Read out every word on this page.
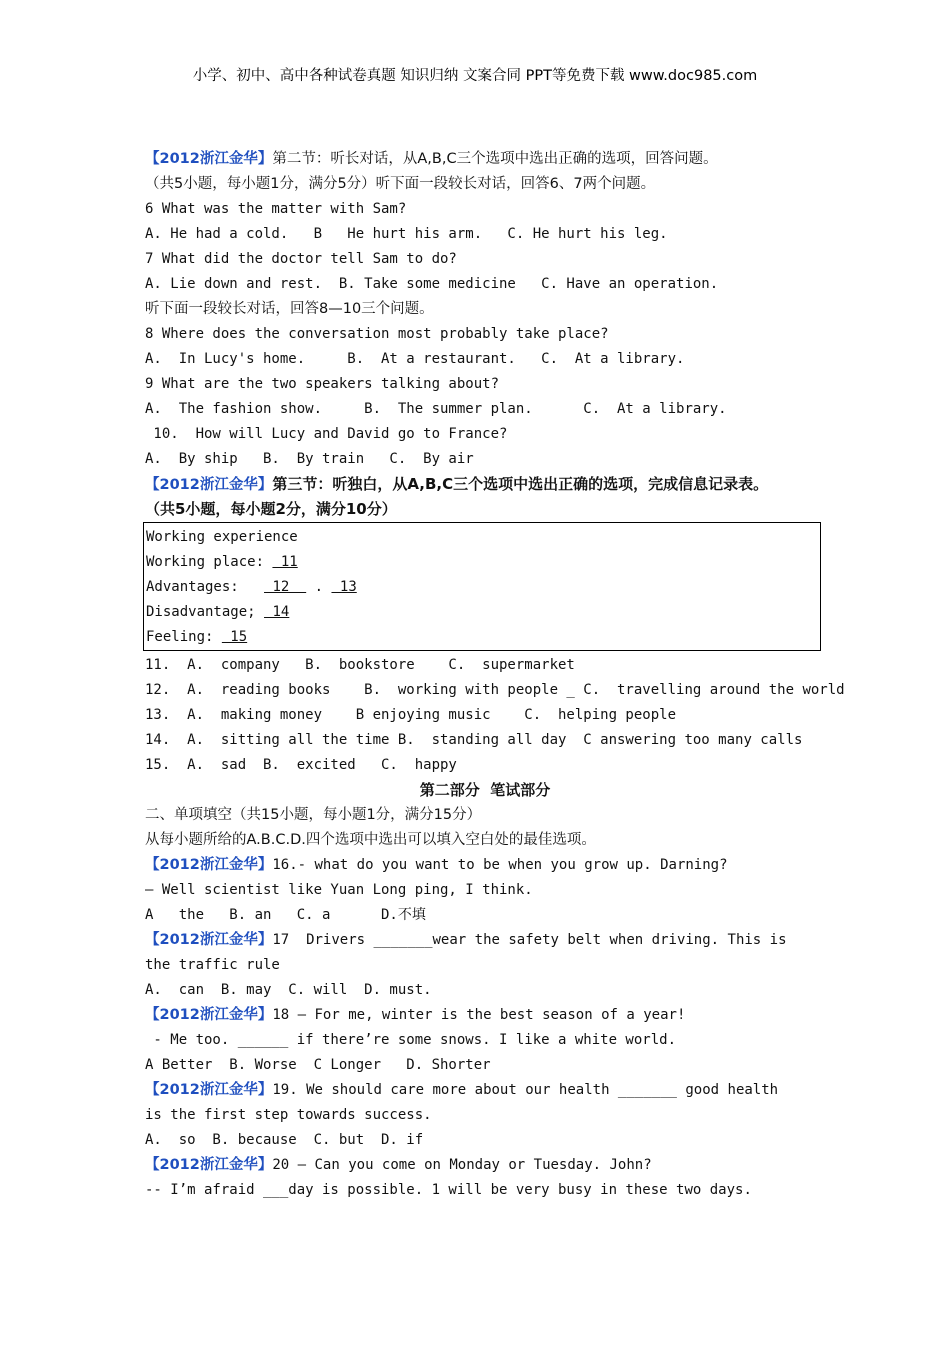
小学、初中、高中各种试卷真题 知识归纳 文案合同 PPT等免费下载 www.doc985.com
【2012浙江金华】第二节：听长对话，从A,B,C三个选项中选出正确的选项，回答问题。
（共5小题，每小题1分，满分5分）听下面一段较长对话，回答6、7两个问题。
6 What was the matter with Sam?
A. He had a cold.   B   He hurt his arm.   C. He hurt his leg.
7 What did the doctor tell Sam to do?
A. Lie down and rest.  B. Take some medicine   C. Have an operation.
听下面一段较长对话，回答8—10三个问题。
8 Where does the conversation most probably take place?
A.  In Lucy's home.     B.  At a restaurant.   C.  At a library.
9 What are the two speakers talking about?
A.  The fashion show.     B.  The summer plan.      C.  At a library.
10.  How will Lucy and David go to France?
A.  By ship   B.  By train   C.  By air
【2012浙江金华】第三节：听独白，从A,B,C三个选项中选出正确的选项，完成信息记录表。
（共5小题，每小题2分，满分10分）
Working experience
Working place:  11
Advantages:    12   .  13
Disadvantage;  14
Feeling:  15
11.  A.  company   B.  bookstore    C.  supermarket
12.  A.  reading books    B.  working with people _ C.  travelling around the world
13.  A.  making money    B enjoying music    C.  helping people
14.  A.  sitting all the time B.  standing all day  C answering too many calls
15.  A.  sad  B.  excited   C.  happy
第二部分  笔试部分
二、单项填空（共15小题，每小题1分，满分15分）
从每小题所给的A.B.C.D.四个选项中选出可以填入空白处的最佳选项。
【2012浙江金华】16.- what do you want to be when you grow up. Darning?
— Well scientist like Yuan Long ping, I think.
A   the   B. an   C. a      D.不填
【2012浙江金华】17  Drivers _______wear the safety belt when driving. This is
the traffic rule
A.  can  B. may  C. will  D. must.
【2012浙江金华】18 — For me, winter is the best season of a year!
- Me too. ______ if there’re some snows. I like a white world.
A Better  B. Worse  C Longer   D. Shorter
【2012浙江金华】19. We should care more about our health _______ good health
is the first step towards success.
A.  so  B. because  C. but  D. if
【2012浙江金华】20 — Can you come on Monday or Tuesday. John?
-- I’m afraid ___day is possible. 1 will be very busy in these two days.
